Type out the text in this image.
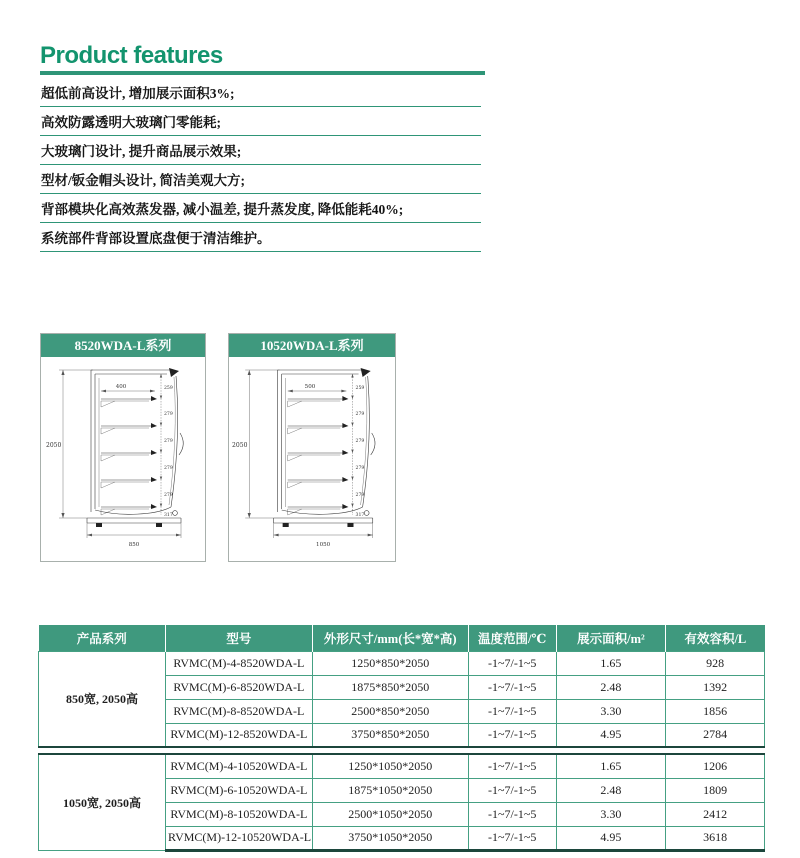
Product features
超低前高设计, 增加展示面积3%;
高效防露透明大玻璃门零能耗;
大玻璃门设计, 提升商品展示效果;
型材/钣金帽头设计, 简洁美观大方;
背部模块化高效蒸发器, 减小温差, 提升蒸发度, 降低能耗40%;
系统部件背部设置底盘便于清洁维护。
8520WDA-L系列
2050
400	259
279
279
279
279
317
850
10520WDA-L系列
2050
500	259
279
279
279
279
317
1050
产品系列	型号	外形尺寸/mm(长*宽*高)	温度范围/℃	展示面积/m²	有效容积/L
850宽, 2050高	RVMC(M)-4-8520WDA-L	1250*850*2050	-1~7/-1~5	1.65	928
	RVMC(M)-6-8520WDA-L	1875*850*2050	-1~7/-1~5	2.48	1392
	RVMC(M)-8-8520WDA-L	2500*850*2050	-1~7/-1~5	3.30	1856
	RVMC(M)-12-8520WDA-L	3750*850*2050	-1~7/-1~5	4.95	2784

1050宽, 2050高	RVMC(M)-4-10520WDA-L	1250*1050*2050	-1~7/-1~5	1.65	1206
	RVMC(M)-6-10520WDA-L	1875*1050*2050	-1~7/-1~5	2.48	1809
	RVMC(M)-8-10520WDA-L	2500*1050*2050	-1~7/-1~5	3.30	2412
	RVMC(M)-12-10520WDA-L	3750*1050*2050	-1~7/-1~5	4.95	3618
